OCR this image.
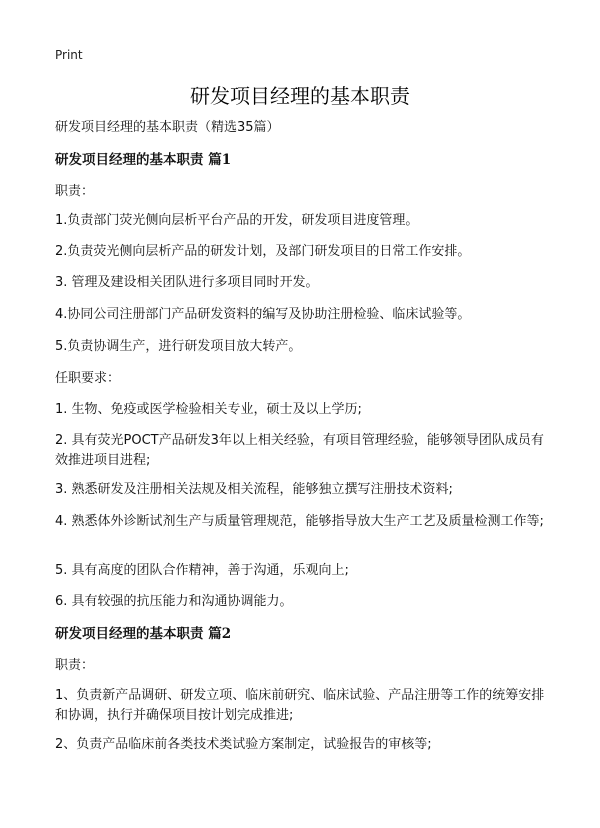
Print
研发项目经理的基本职责

研发项目经理的基本职责（精选35篇）

研发项目经理的基本职责 篇1

职责：

1.负责部门荧光侧向层析平台产品的开发，研发项目进度管理。

2.负责荧光侧向层析产品的研发计划，及部门研发项目的日常工作安排。

3. 管理及建设相关团队进行多项目同时开发。

4.协同公司注册部门产品研发资料的编写及协助注册检验、临床试验等。

5.负责协调生产，进行研发项目放大转产。

任职要求：

1. 生物、免疫或医学检验相关专业，硕士及以上学历;

2. 具有荧光POCT产品研发3年以上相关经验，有项目管理经验，能够领导团队成员有效推进项目进程;

3. 熟悉研发及注册相关法规及相关流程，能够独立撰写注册技术资料;

4. 熟悉体外诊断试剂生产与质量管理规范，能够指导放大生产工艺及质量检测工作等;

5. 具有高度的团队合作精神，善于沟通，乐观向上;

6. 具有较强的抗压能力和沟通协调能力。

研发项目经理的基本职责 篇2

职责：

1、负责新产品调研、研发立项、临床前研究、临床试验、产品注册等工作的统筹安排和协调，执行并确保项目按计划完成推进;

2、负责产品临床前各类技术类试验方案制定，试验报告的审核等;
